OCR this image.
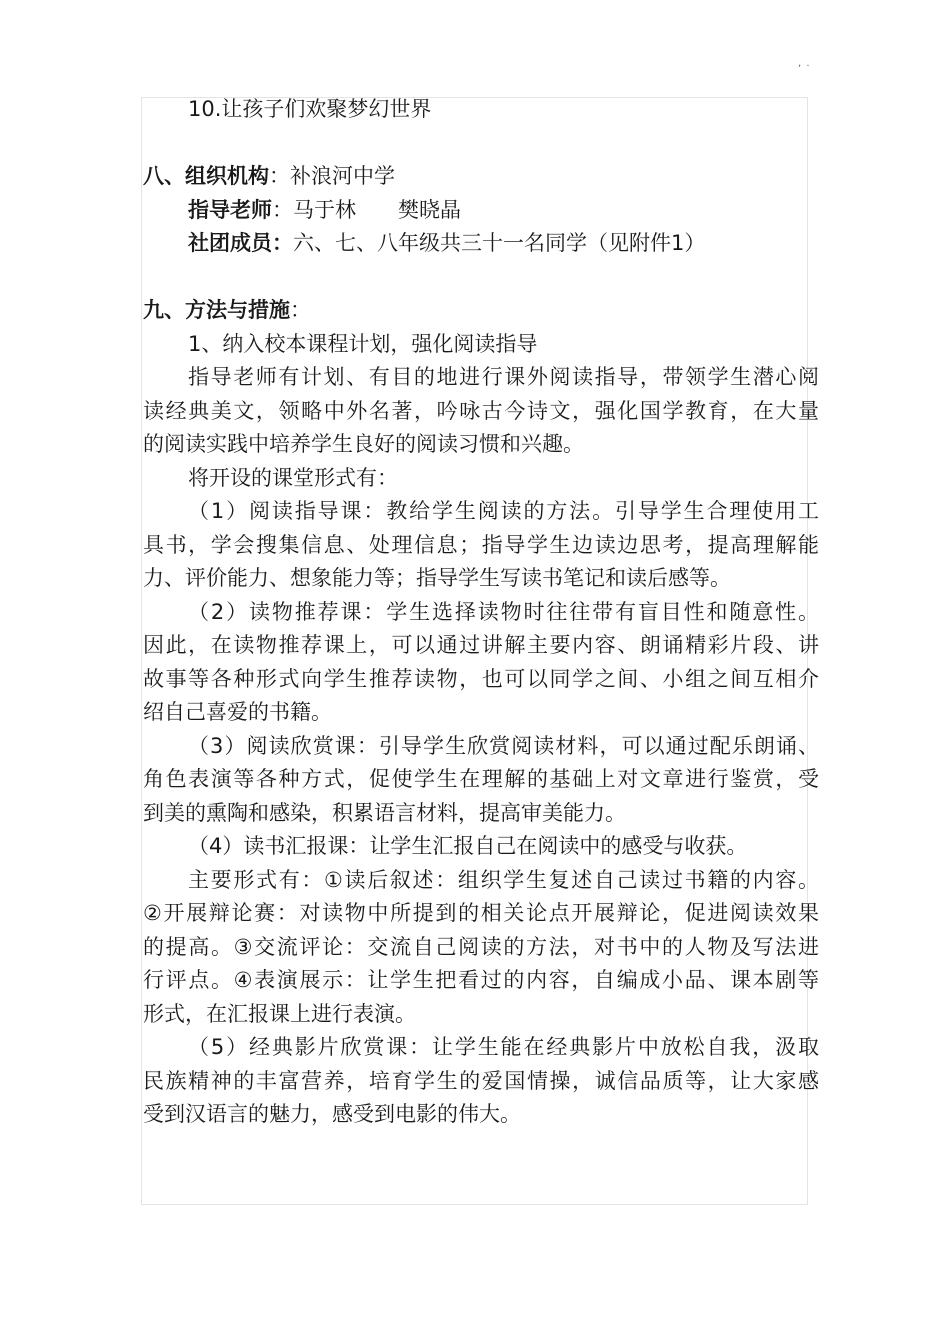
, .
10.让孩子们欢聚梦幻世界
八、组织机构：补浪河中学
指导老师：马于林　　樊晓晶
社团成员：六、七、八年级共三十一名同学（见附件1）
九、方法与措施：
1、纳入校本课程计划，强化阅读指导
指导老师有计划、有目的地进行课外阅读指导，带领学生潜心阅
读经典美文，领略中外名著，吟咏古今诗文，强化国学教育，在大量
的阅读实践中培养学生良好的阅读习惯和兴趣。
将开设的课堂形式有：
（1）阅读指导课：教给学生阅读的方法。引导学生合理使用工
具书，学会搜集信息、处理信息；指导学生边读边思考，提高理解能
力、评价能力、想象能力等；指导学生写读书笔记和读后感等。
（2）读物推荐课：学生选择读物时往往带有盲目性和随意性。
因此，在读物推荐课上，可以通过讲解主要内容、朗诵精彩片段、讲
故事等各种形式向学生推荐读物，也可以同学之间、小组之间互相介
绍自己喜爱的书籍。
（3）阅读欣赏课：引导学生欣赏阅读材料，可以通过配乐朗诵、
角色表演等各种方式，促使学生在理解的基础上对文章进行鉴赏，受
到美的熏陶和感染，积累语言材料，提高审美能力。
（4）读书汇报课：让学生汇报自己在阅读中的感受与收获。
主要形式有：①读后叙述：组织学生复述自己读过书籍的内容。
②开展辩论赛：对读物中所提到的相关论点开展辩论，促进阅读效果
的提高。③交流评论：交流自己阅读的方法，对书中的人物及写法进
行评点。④表演展示：让学生把看过的内容，自编成小品、课本剧等
形式，在汇报课上进行表演。
（5）经典影片欣赏课：让学生能在经典影片中放松自我，汲取
民族精神的丰富营养，培育学生的爱国情操，诚信品质等，让大家感
受到汉语言的魅力，感受到电影的伟大。
